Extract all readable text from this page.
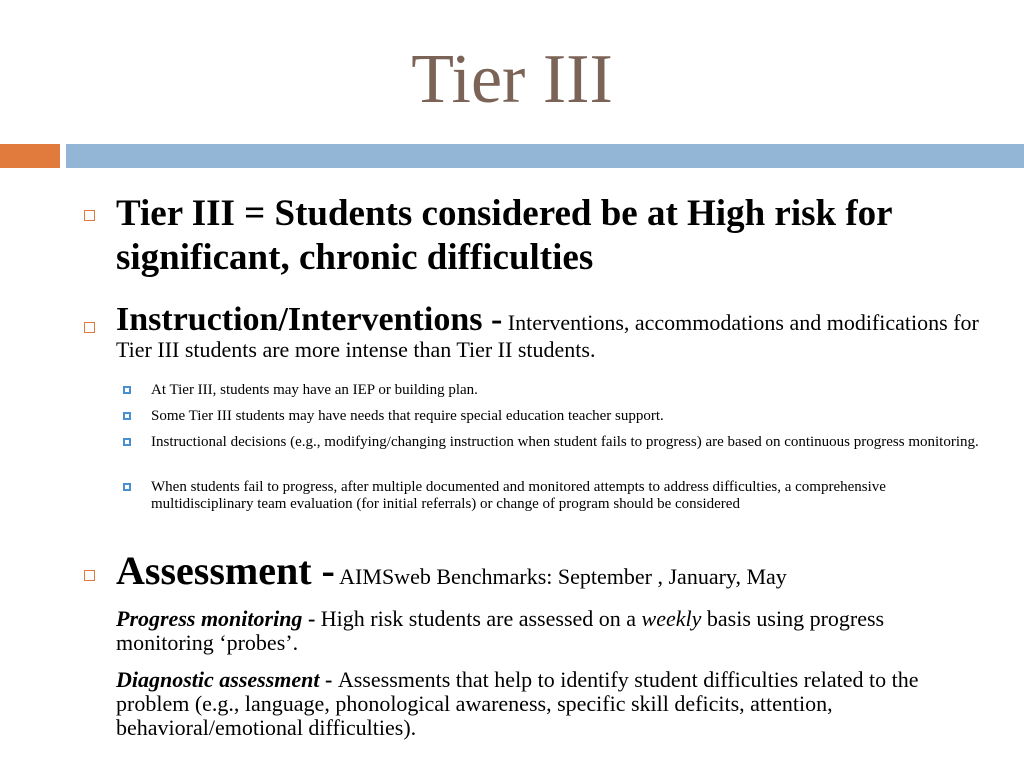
Tier III
Tier III = Students considered be at High risk for significant, chronic difficulties
Instruction/Interventions - Interventions, accommodations and modifications for Tier III students are more intense than Tier II students.
At Tier III, students may have an IEP or building plan.
Some Tier III students may have needs that require special education teacher support.
Instructional decisions (e.g., modifying/changing instruction when student fails to progress) are based on continuous progress monitoring.
When students fail to progress, after multiple documented and monitored attempts to address difficulties, a comprehensive multidisciplinary team evaluation (for initial referrals) or change of program should be considered
Assessment - AIMSweb Benchmarks: September , January, May
Progress monitoring - High risk students are assessed on a weekly basis using progress monitoring ‘probes’.
Diagnostic assessment - Assessments that help to identify student difficulties related to the problem (e.g., language, phonological awareness, specific skill deficits, attention, behavioral/emotional difficulties).
